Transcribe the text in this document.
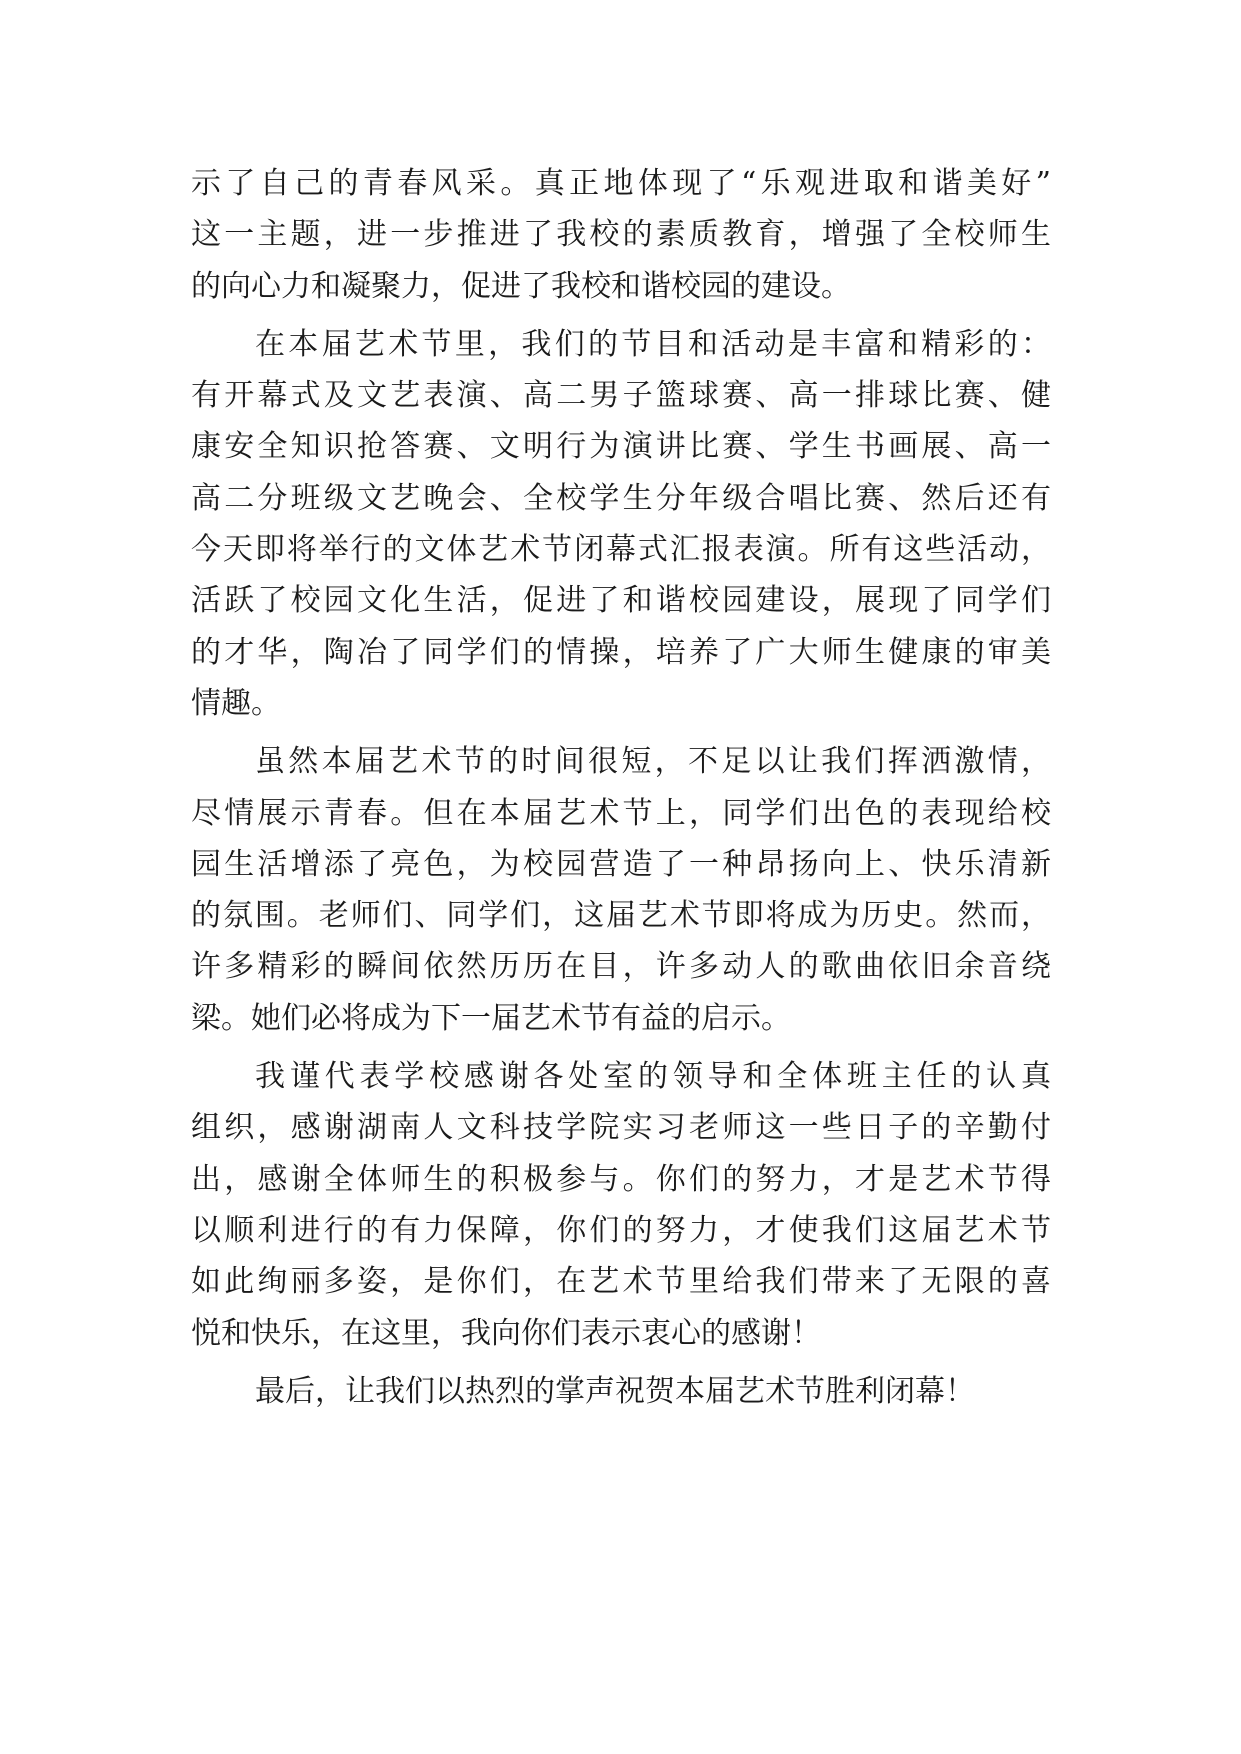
示了自己的青春风采。真正地体现了“乐观进取和谐美好”
这一主题，进一步推进了我校的素质教育，增强了全校师生
的向心力和凝聚力，促进了我校和谐校园的建设。
在本届艺术节里，我们的节目和活动是丰富和精彩的：
有开幕式及文艺表演、高二男子篮球赛、高一排球比赛、健
康安全知识抢答赛、文明行为演讲比赛、学生书画展、高一
高二分班级文艺晚会、全校学生分年级合唱比赛、然后还有
今天即将举行的文体艺术节闭幕式汇报表演。所有这些活动，
活跃了校园文化生活，促进了和谐校园建设，展现了同学们
的才华，陶冶了同学们的情操，培养了广大师生健康的审美
情趣。
虽然本届艺术节的时间很短，不足以让我们挥洒激情，
尽情展示青春。但在本届艺术节上，同学们出色的表现给校
园生活增添了亮色，为校园营造了一种昂扬向上、快乐清新
的氛围。老师们、同学们，这届艺术节即将成为历史。然而，
许多精彩的瞬间依然历历在目，许多动人的歌曲依旧余音绕
梁。她们必将成为下一届艺术节有益的启示。
我谨代表学校感谢各处室的领导和全体班主任的认真
组织，感谢湖南人文科技学院实习老师这一些日子的辛勤付
出，感谢全体师生的积极参与。你们的努力，才是艺术节得
以顺利进行的有力保障，你们的努力，才使我们这届艺术节
如此绚丽多姿，是你们，在艺术节里给我们带来了无限的喜
悦和快乐，在这里，我向你们表示衷心的感谢！
最后，让我们以热烈的掌声祝贺本届艺术节胜利闭幕！
